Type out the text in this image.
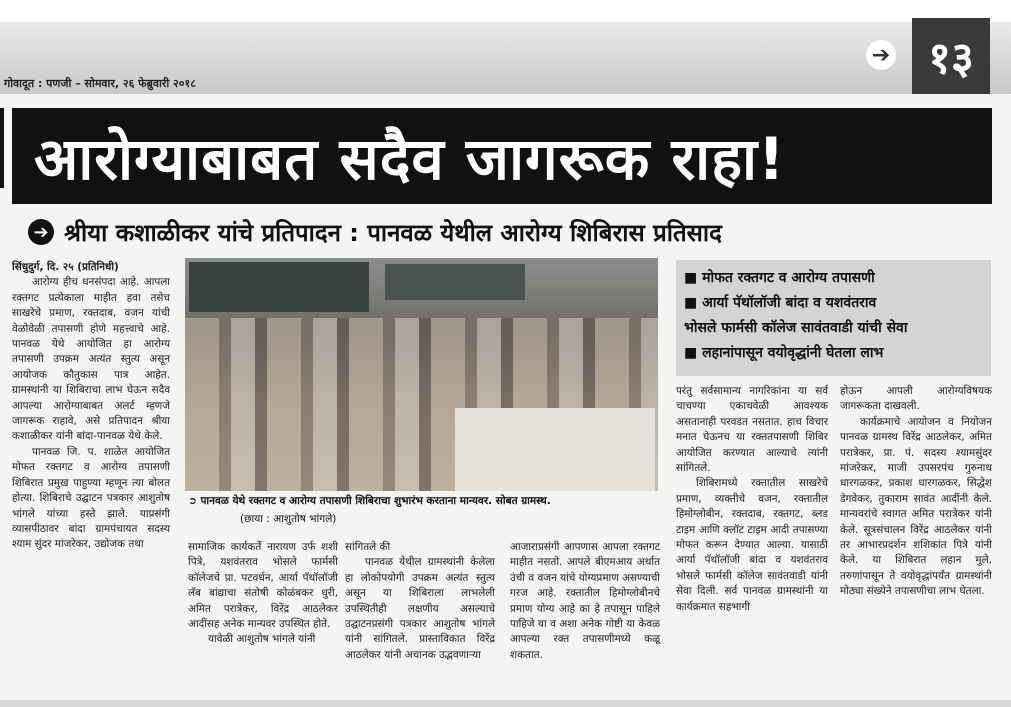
➔ १३
गोवादूत : पणजी – सोमवार, २६ फेब्रुवारी २०१८
आरोग्याबाबत सदैव जागरूक राहा!
➔ श्रीया कशाळीकर यांचे प्रतिपादन : पानवळ येथील आरोग्य शिबिरास प्रतिसाद

सिंधुदुर्ग, दि. २५ (प्रतिनिधी)

आरोग्य हीच धनसंपदा आहे. आपला रक्तगट प्रत्येकाला माहीत हवा तसेच साखरेचे प्रमाण, रक्तदाब, वजन यांची वेळोवेळी तपासणी होणे महत्त्वाचे आहे. पानवळ येथे आयोजित हा आरोग्य तपासणी उपक्रम अत्यंत स्तुत्य असून आयोजक कौतुकास पात्र आहेत. ग्रामस्थांनी या शिबिराचा लाभ घेऊन सदैव आपल्या आरोग्याबाबत अलर्ट म्हणजे जागरूक राहावे, असे प्रतिपादन श्रीया कशाळीकर यांनी बांदा-पानवळ येथे केले.

पानवळ जि. प. शाळेत आयोजित मोफत रक्तगट व आरोग्य तपासणी शिबिरात प्रमुख पाहुण्या म्हणून त्या बोलत होत्या. शिबिराचे उद्घाटन पत्रकार आशुतोष भांगले यांच्या हस्ते झाले. याप्रसंगी व्यासपीठावर बांदा ग्रामपंचायत सदस्य श्याम सुंदर मांजरेकर, उद्योजक तथा

➲ पानवळ येथे रक्तगट व आरोग्य तपासणी शिबिराचा शुभारंभ करताना मान्यवर. सोबत ग्रामस्थ.
(छाया : आशुतोष भांगले)
■ मोफत रक्तगट व आरोग्य तपासणी
■ आर्या पॅथॉलॉजी बांदा व यशवंतराव
भोसले फार्मसी कॉलेज सावंतवाडी यांची सेवा
■ लहानांपासून वयोवृद्धांनी घेतला लाभ

सामाजिक कार्यकर्ते नारायण उर्फ शशी पित्रे, यशवंतराव भोसले फार्मसी कॉलेजचे प्रा. पटवर्धन, आर्या पॅथॉलॉजी लॅब बांद्याचा संतोषी कोळंबकर धुरी, अमित परात्रेकर, विरेंद्र आठलेकर आदींसह अनेक मान्यवर उपस्थित होते.

यावेळी आशुतोष भांगले यांनी

सांगितले की

पानवळ येथील ग्रामस्थांनी केलेला हा लोकोपयोगी उपक्रम अत्यंत स्तुत्य असून या शिबिराला लाभलेली उपस्थितीही लक्षणीय असल्याचे उद्घाटनप्रसंगी पत्रकार आशुतोष भांगले यांनी सांगितले. प्रास्ताविकात विरेंद्र आठलेकर यांनी अचानक उद्भवणाऱ्या

आजाराप्रसंगी आपणास आपला रक्तगट माहीत नसतो. आपले बीएमआय अर्थात उंची व वजन यांचे योग्यप्रमाण असण्याची गरज आहे. रक्तातील हिमोग्लोबीनचे प्रमाण योग्य आहे का हे तपासून पाहिले पाहिजे या व अशा अनेक गोष्टी या केवळ आपल्या रक्त तपासणीमध्ये कळू शकतात.

परंतु सर्वसामान्य नागरिकांना या सर्व चाचण्या एकाचवेळी आवश्यक असतानाही परवडत नसतात. हाच विचार मनात घेऊनच या रक्ततपासणी शिबिर आयोजित करण्यात आल्याचे त्यांनी सांगितले.

शिबिरामध्ये रक्तातील साखरेचे प्रमाण, व्यक्तीचे वजन, रक्तातील हिमोग्लोबीन, रक्तदाब, रक्तगट, ब्लड टाइम आणि क्लॉट टाइम आदी तपासण्या मोफत करून देण्यात आल्या. यासाठी आर्या पॅथॉलॉजी बांदा व यशवंतराव भोसले फार्मसी कॉलेज सावंतवाडी यांनी सेवा दिली. सर्व पानवळ ग्रामस्थांनी या कार्यक्रमात सहभागी

होऊन आपली आरोग्यविषयक जागरूकता दाखवली.

कार्यक्रमाचे आयोजन व नियोजन पानवळ ग्रामस्थ विरेंद्र आठलेकर, अमित परात्रेकर, प्रा. पं. सदस्य श्यामसुंदर मांजरेकर, माजी उपसरपंच गुरुनाथ धारगळकर, प्रकाश धारगळकर, सिद्धेश डेगवेकर, तुकाराम सावंत आदींनी केले. मान्यवरांचे स्वागत अमित परात्रेकर यांनी केले. सूत्रसंचालन विरेंद्र आठलेकर यांनी तर आभारप्रदर्शन शशिकांत पित्रे यांनी केले. या शिबिरात लहान मुले, तरुणांपासून ते वयोवृद्धांपर्यंत ग्रामस्थांनी मोठ्या संख्येने तपासणीचा लाभ घेतला.
